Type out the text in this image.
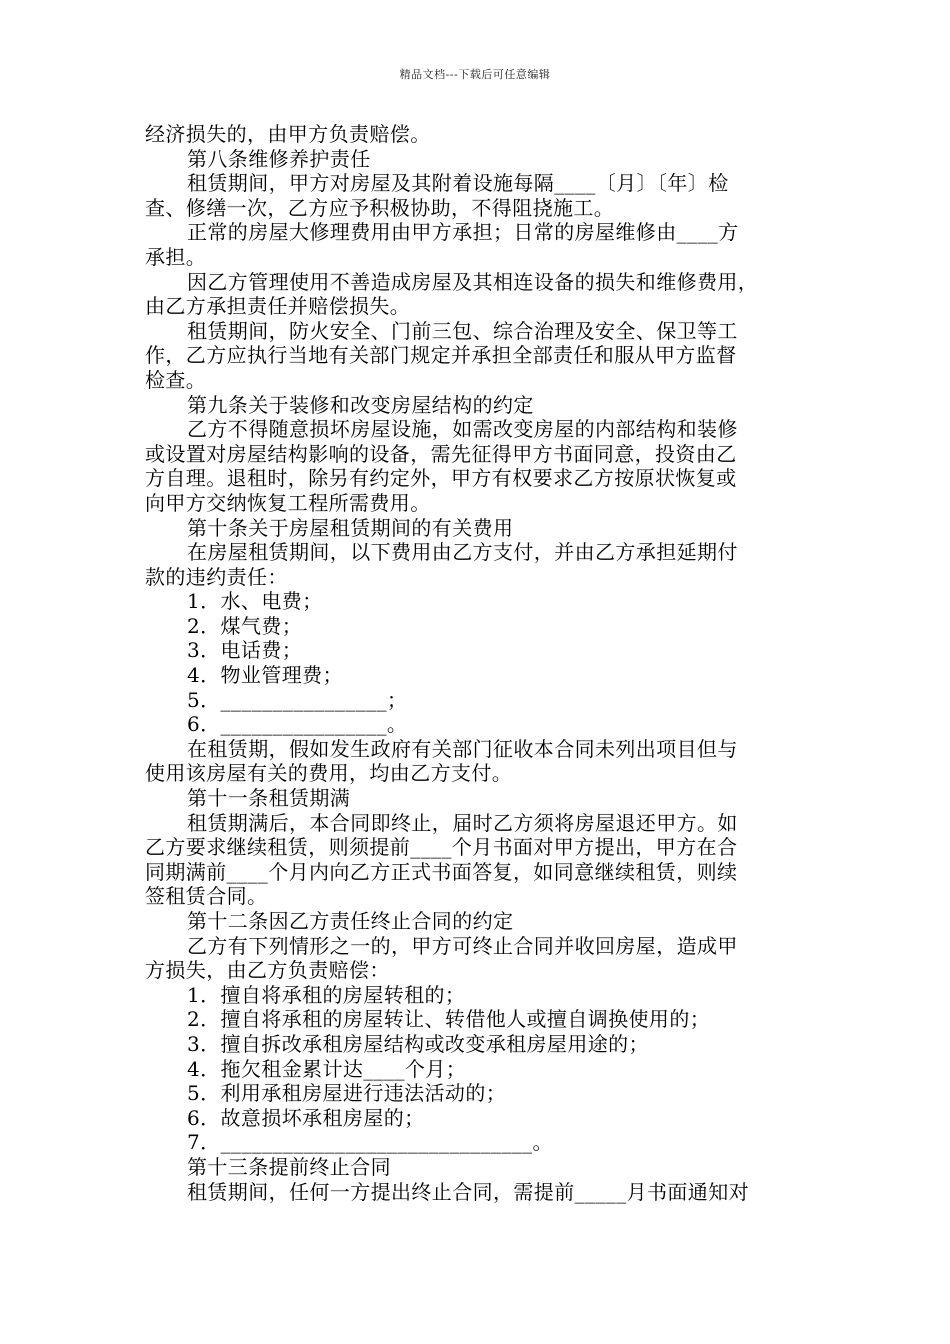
精品文档---下载后可任意编辑
经济损失的，由甲方负责赔偿。
第八条维修养护责任
租赁期间，甲方对房屋及其附着设施每隔____〔月〕〔年〕检
查、修缮一次，乙方应予积极协助，不得阻挠施工。
正常的房屋大修理费用由甲方承担；日常的房屋维修由____方
承担。
因乙方管理使用不善造成房屋及其相连设备的损失和维修费用，
由乙方承担责任并赔偿损失。
租赁期间，防火安全、门前三包、综合治理及安全、保卫等工
作，乙方应执行当地有关部门规定并承担全部责任和服从甲方监督
检查。
第九条关于装修和改变房屋结构的约定
乙方不得随意损坏房屋设施，如需改变房屋的内部结构和装修
或设置对房屋结构影响的设备，需先征得甲方书面同意，投资由乙
方自理。退租时，除另有约定外，甲方有权要求乙方按原状恢复或
向甲方交纳恢复工程所需费用。
第十条关于房屋租赁期间的有关费用
在房屋租赁期间，以下费用由乙方支付，并由乙方承担延期付
款的违约责任：
1．水、电费；
2．煤气费；
3．电话费；
4．物业管理费；
5．________________；
6．________________。
在租赁期，假如发生政府有关部门征收本合同未列出项目但与
使用该房屋有关的费用，均由乙方支付。
第十一条租赁期满
租赁期满后，本合同即终止，届时乙方须将房屋退还甲方。如
乙方要求继续租赁，则须提前____个月书面对甲方提出，甲方在合
同期满前____个月内向乙方正式书面答复，如同意继续租赁，则续
签租赁合同。
第十二条因乙方责任终止合同的约定
乙方有下列情形之一的，甲方可终止合同并收回房屋，造成甲
方损失，由乙方负责赔偿：
1．擅自将承租的房屋转租的；
2．擅自将承租的房屋转让、转借他人或擅自调换使用的；
3．擅自拆改承租房屋结构或改变承租房屋用途的；
4．拖欠租金累计达____个月；
5．利用承租房屋进行违法活动的；
6．故意损坏承租房屋的；
7．______________________________。
第十三条提前终止合同
租赁期间，任何一方提出终止合同，需提前_____月书面通知对
